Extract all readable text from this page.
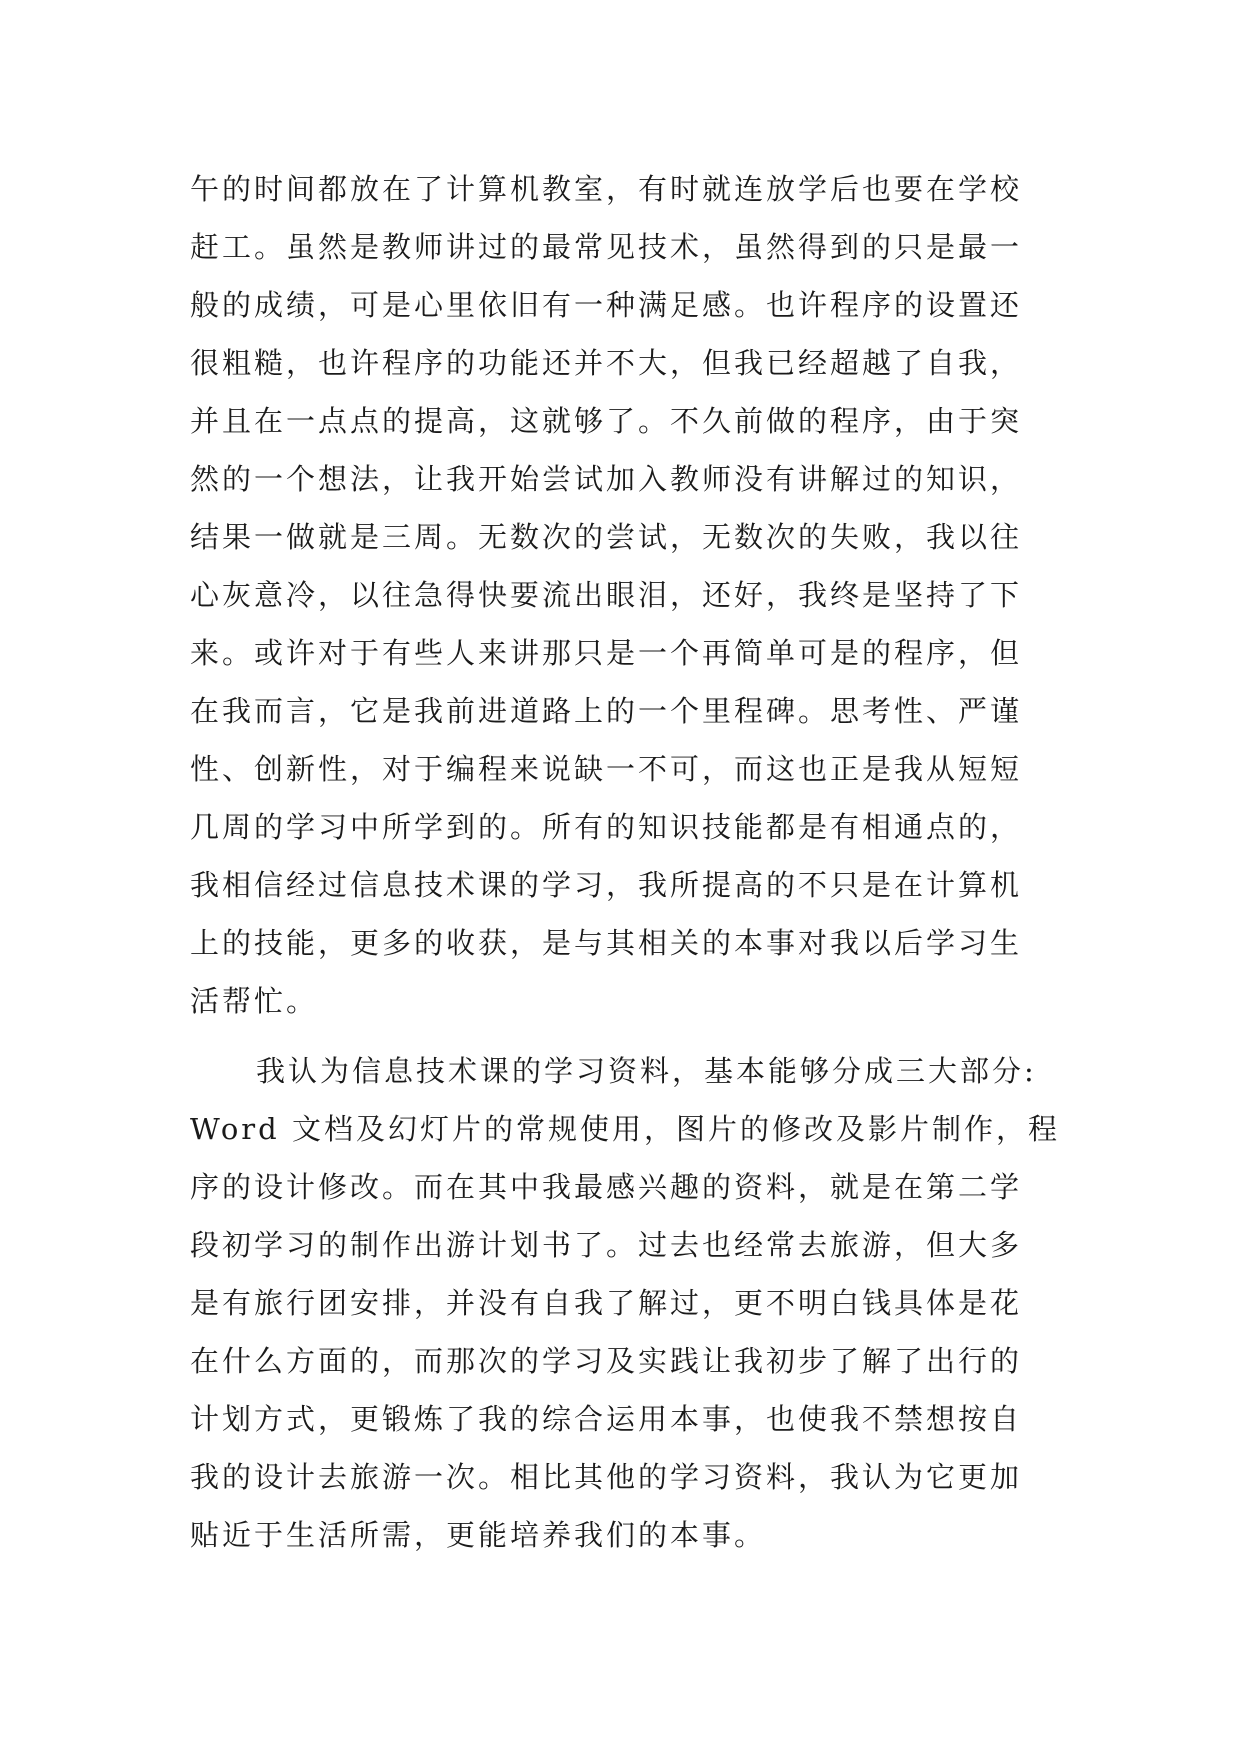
午的时间都放在了计算机教室，有时就连放学后也要在学校
赶工。虽然是教师讲过的最常见技术，虽然得到的只是最一
般的成绩，可是心里依旧有一种满足感。也许程序的设置还
很粗糙，也许程序的功能还并不大，但我已经超越了自我，
并且在一点点的提高，这就够了。不久前做的程序，由于突
然的一个想法，让我开始尝试加入教师没有讲解过的知识，
结果一做就是三周。无数次的尝试，无数次的失败，我以往
心灰意冷，以往急得快要流出眼泪，还好，我终是坚持了下
来。或许对于有些人来讲那只是一个再简单可是的程序，但
在我而言，它是我前进道路上的一个里程碑。思考性、严谨
性、创新性，对于编程来说缺一不可，而这也正是我从短短
几周的学习中所学到的。所有的知识技能都是有相通点的，
我相信经过信息技术课的学习，我所提高的不只是在计算机
上的技能，更多的收获，是与其相关的本事对我以后学习生
活帮忙。
我认为信息技术课的学习资料，基本能够分成三大部分:
Word 文档及幻灯片的常规使用，图片的修改及影片制作，程
序的设计修改。而在其中我最感兴趣的资料，就是在第二学
段初学习的制作出游计划书了。过去也经常去旅游，但大多
是有旅行团安排，并没有自我了解过，更不明白钱具体是花
在什么方面的，而那次的学习及实践让我初步了解了出行的
计划方式，更锻炼了我的综合运用本事，也使我不禁想按自
我的设计去旅游一次。相比其他的学习资料，我认为它更加
贴近于生活所需，更能培养我们的本事。
